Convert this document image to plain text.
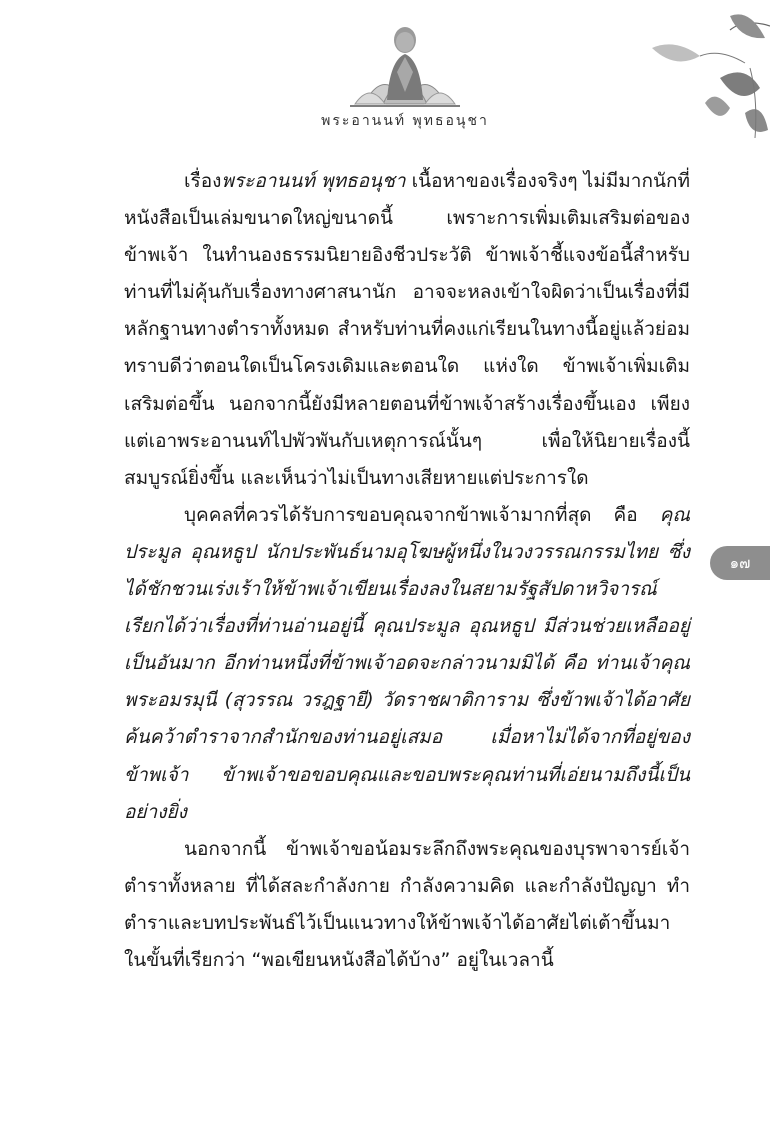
พระอานนท์ พุทธอนุชา
๑๗

เรื่องพระอานนท์ พุทธอนุชา เนื้อหาของเรื่องจริงๆ ไม่มีมากนักที่หนังสือเป็นเล่มขนาดใหญ่ขนาดนี้ เพราะการเพิ่มเติมเสริมต่อของข้าพเจ้า ในทำนองธรรมนิยายอิงชีวประวัติ ข้าพเจ้าชี้แจงข้อนี้สำหรับท่านที่ไม่คุ้นกับเรื่องทางศาสนานัก อาจจะหลงเข้าใจผิดว่าเป็นเรื่องที่มีหลักฐานทางตำราทั้งหมด สำหรับท่านที่คงแก่เรียนในทางนี้อยู่แล้วย่อมทราบดีว่าตอนใดเป็นโครงเดิมและตอนใด แห่งใด ข้าพเจ้าเพิ่มเติมเสริมต่อขึ้น นอกจากนี้ยังมีหลายตอนที่ข้าพเจ้าสร้างเรื่องขึ้นเอง เพียงแต่เอาพระอานนท์ไปพัวพันกับเหตุการณ์นั้นๆ เพื่อให้นิยายเรื่องนี้สมบูรณ์ยิ่งขึ้น และเห็นว่าไม่เป็นทางเสียหายแต่ประการใด

บุคคลที่ควรได้รับการขอบคุณจากข้าพเจ้ามากที่สุด คือ คุณประมูล อุณหธูป นักประพันธ์นามอุโฆษผู้หนึ่งในวงวรรณกรรมไทย ซึ่งได้ชักชวนเร่งเร้าให้ข้าพเจ้าเขียนเรื่องลงในสยามรัฐสัปดาหวิจารณ์ เรียกได้ว่าเรื่องที่ท่านอ่านอยู่นี้ คุณประมูล อุณหธูป มีส่วนช่วยเหลืออยู่เป็นอันมาก อีกท่านหนึ่งที่ข้าพเจ้าอดจะกล่าวนามมิได้ คือ ท่านเจ้าคุณพระอมรมุนี (สุวรรณ วรฎฐายี) วัดราชผาติการาม ซึ่งข้าพเจ้าได้อาศัยค้นคว้าตำราจากสำนักของท่านอยู่เสมอ เมื่อหาไม่ได้จากที่อยู่ของข้าพเจ้า ข้าพเจ้าขอขอบคุณและขอบพระคุณท่านที่เอ่ยนามถึงนี้เป็นอย่างยิ่ง

นอกจากนี้ ข้าพเจ้าขอน้อมระลึกถึงพระคุณของบุรพาจารย์เจ้าตำราทั้งหลาย ที่ได้สละกำลังกาย กำลังความคิด และกำลังปัญญา ทำตำราและบทประพันธ์ไว้เป็นแนวทางให้ข้าพเจ้าได้อาศัยไต่เต้าขึ้นมา ในขั้นที่เรียกว่า “พอเขียนหนังสือได้บ้าง” อยู่ในเวลานี้
